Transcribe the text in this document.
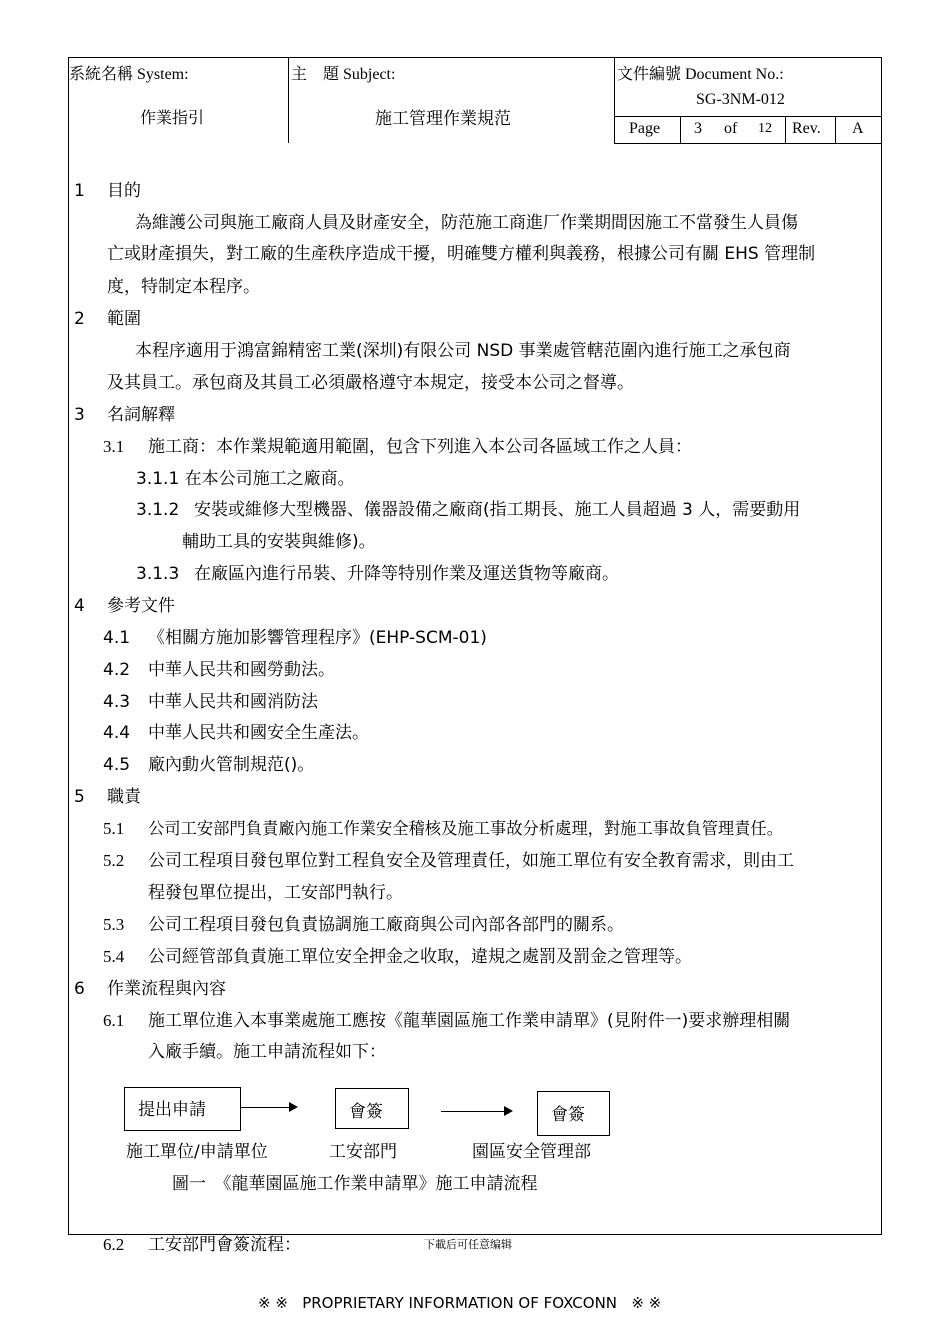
系統名稱 System:
作業指引
主　題 Subject:
施工管理作業規范
文件編號 Document No.:
SG-3NM-012
Page 3 of 12 Rev. A
1 目的
為維護公司與施工廠商人員及財產安全，防范施工商進厂作業期間因施工不當發生人員傷
亡或財產損失，對工廠的生產秩序造成干擾，明確雙方權利與義務，根據公司有關 EHS 管理制
度，特制定本程序。
2 範圍
本程序適用于鴻富錦精密工業(深圳)有限公司 NSD 事業處管轄范圍內進行施工之承包商
及其員工。承包商及其員工必須嚴格遵守本規定，接受本公司之督導。
3 名詞解釋
3.1 施工商：本作業規範適用範圍，包含下列進入本公司各區域工作之人員：
3.1.1 在本公司施工之廠商。
3.1.2 安裝或維修大型機器、儀器設備之廠商(指工期長、施工人員超過 3 人，需要動用
輔助工具的安裝與維修)。
3.1.3 在廠區內進行吊裝、升降等特別作業及運送貨物等廠商。
4 參考文件
4.1 《相關方施加影響管理程序》(EHP-SCM-01)
4.2 中華人民共和國勞動法。
4.3 中華人民共和國消防法
4.4 中華人民共和國安全生產法。
4.5 廠內動火管制規范()。
5 職責
5.1 公司工安部門負責廠內施工作業安全稽核及施工事故分析處理，對施工事故負管理責任。
5.2 公司工程項目發包單位對工程負安全及管理責任，如施工單位有安全教育需求，則由工
程發包單位提出，工安部門執行。
5.3 公司工程項目發包負責協調施工廠商與公司內部各部門的關系。
5.4 公司經管部負責施工單位安全押金之收取，違規之處罰及罰金之管理等。
6 作業流程與內容
6.1 施工單位進入本事業處施工應按《龍華園區施工作業申請單》(見附件一)要求辦理相關
入廠手續。施工申請流程如下：
提出申請	會簽	會簽
施工單位/申請單位	工安部門	園區安全管理部
圖一　《龍華園區施工作業申請單》施工申請流程
6.2 工安部門會簽流程：	下載后可任意编辑
※ ※   PROPRIETARY INFORMATION OF FOXCONN   ※ ※
